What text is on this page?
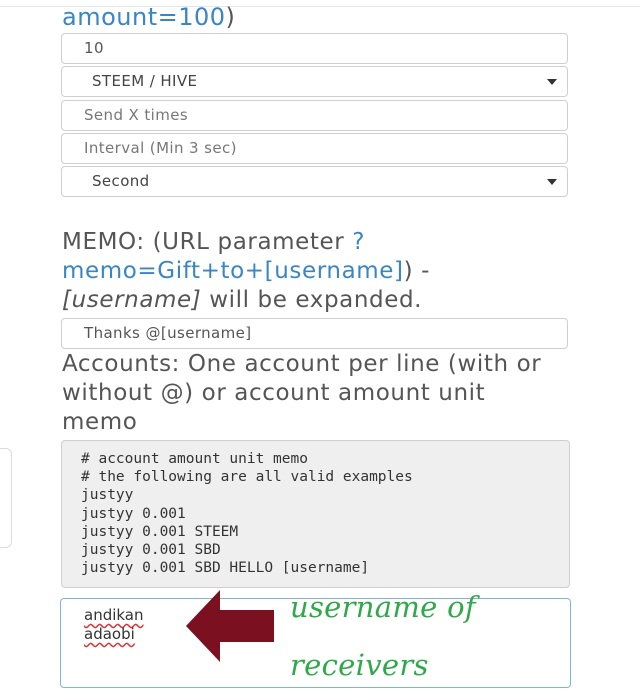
amount=100)
10
STEEM / HIVE
Send X times
Interval (Min 3 sec)
Second
MEMO: (URL parameter ?memo=Gift+to+[username]) - [username] will be expanded.
Thanks @[username]
Accounts: One account per line (with or without @) or account amount unit memo
# account amount unit memo
# the following are all valid examples
justyy
justyy 0.001
justyy 0.001 STEEM
justyy 0.001 SBD
justyy 0.001 SBD HELLO [username]
andikan
adaobi
username of
receivers
